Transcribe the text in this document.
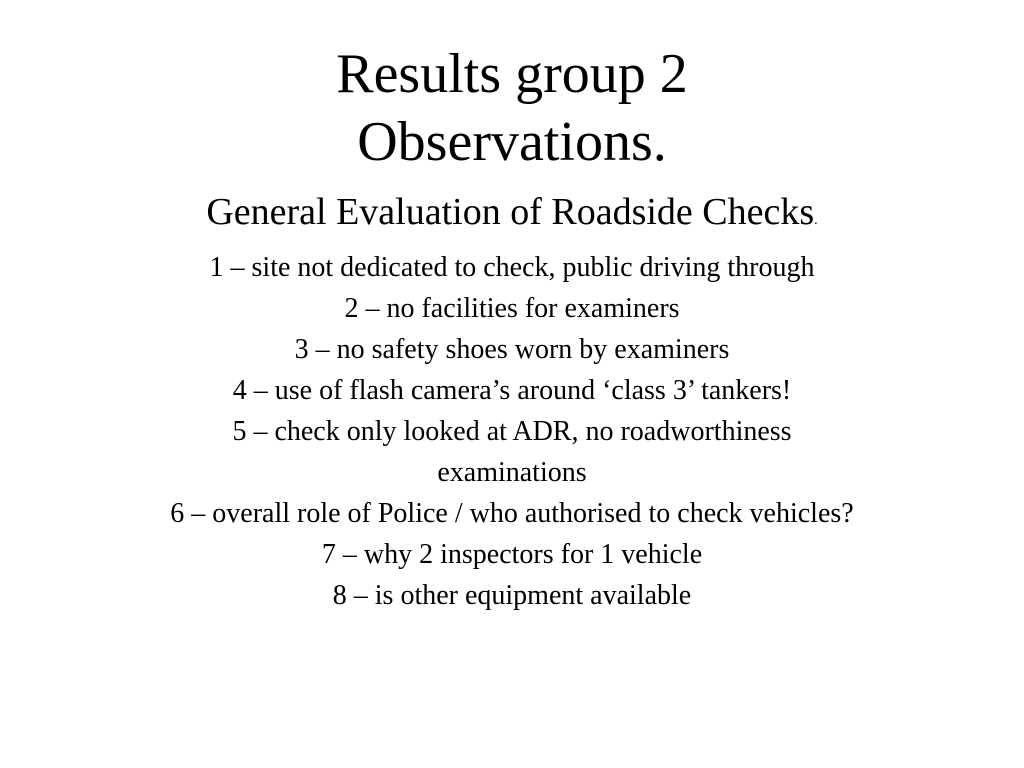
Results group 2

Observations.

General Evaluation of Roadside Checks.

1 – site not dedicated to check, public driving through
2 – no facilities for examiners
3 – no safety shoes worn by examiners
4 – use of flash camera’s around ‘class 3’ tankers!
5 – check only looked at ADR, no roadworthiness
examinations
6 – overall role of Police / who authorised to check vehicles?
7 – why 2 inspectors for 1 vehicle
8 – is other equipment available
